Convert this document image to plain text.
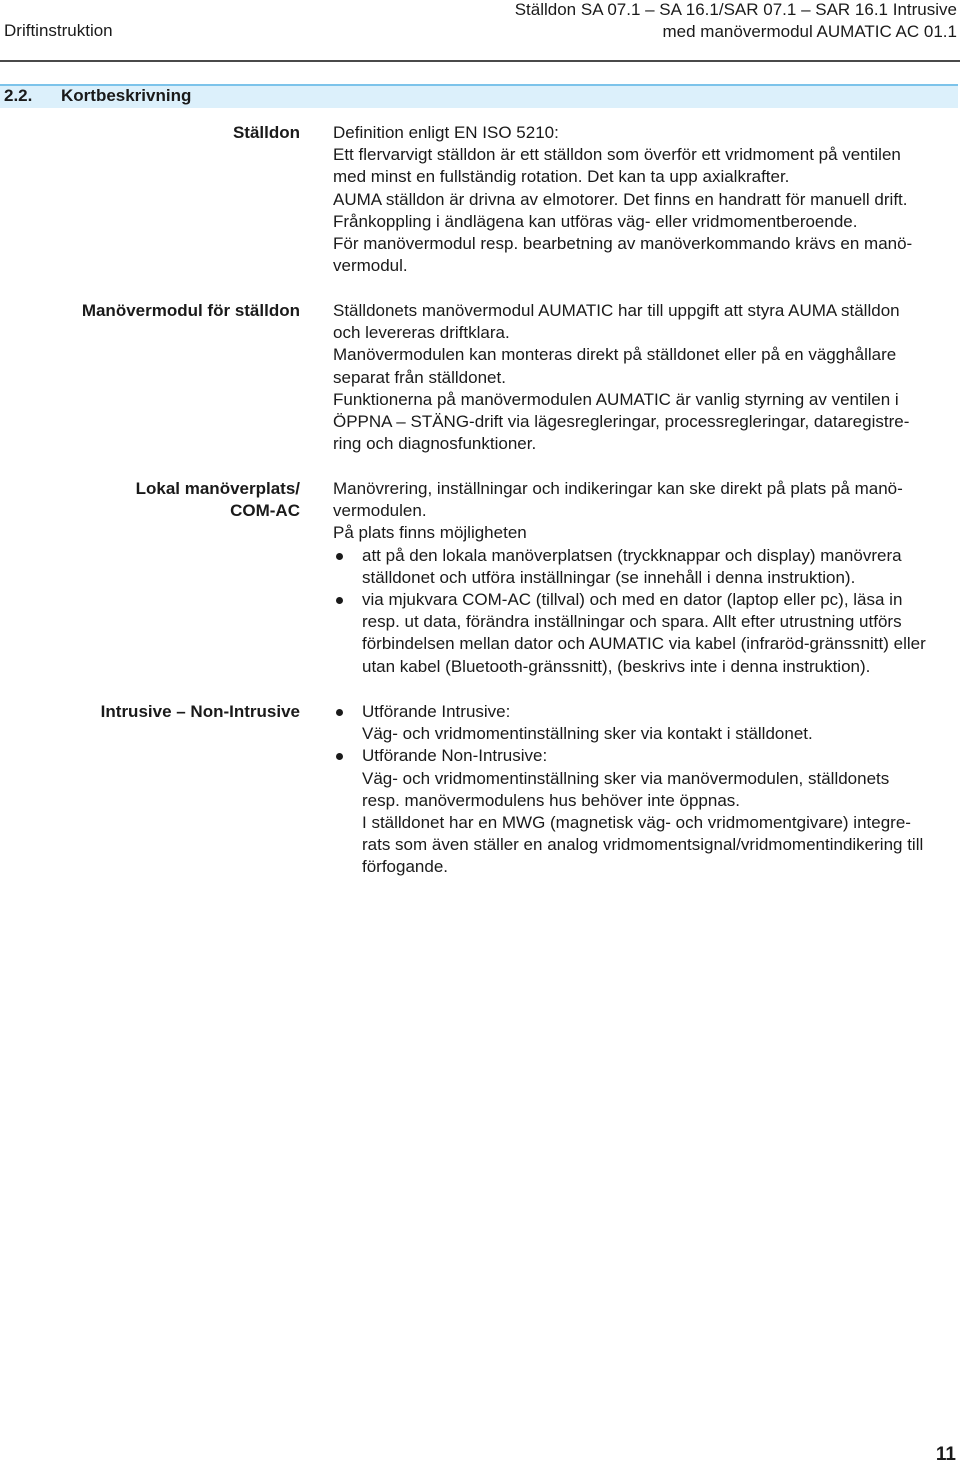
Driftinstruktion
Ställdon SA 07.1 – SA 16.1/SAR 07.1 – SAR 16.1 Intrusive
med manövermodul AUMATIC AC 01.1
2.2. Kortbeskrivning
Ställdon Definition enligt EN ISO 5210:
Ett flervarvigt ställdon är ett ställdon som överför ett vridmoment på ventilen
med minst en fullständig rotation. Det kan ta upp axialkrafter.
AUMA ställdon är drivna av elmotorer. Det finns en handratt för manuell drift.
Frånkoppling i ändlägena kan utföras väg- eller vridmomentberoende.
För manövermodul resp. bearbetning av manöverkommando krävs en manö-
vermodul.
Manövermodul för ställdon Ställdonets manövermodul AUMATIC har till uppgift att styra AUMA ställdon
och levereras driftklara.
Manövermodulen kan monteras direkt på ställdonet eller på en vägghållare
separat från ställdonet.
Funktionerna på manövermodulen AUMATIC är vanlig styrning av ventilen i
ÖPPNA – STÄNG-drift via lägesregleringar, processregleringar, dataregistre-
ring och diagnosfunktioner.
Lokal manöverplats/
COM-AC
Manövrering, inställningar och indikeringar kan ske direkt på plats på manö-
vermodulen.
På plats finns möjligheten
att på den lokala manöverplatsen (tryckknappar och display) manövrera
ställdonet och utföra inställningar (se innehåll i denna instruktion).
via mjukvara COM-AC (tillval) och med en dator (laptop eller pc), läsa in
resp. ut data, förändra inställningar och spara. Allt efter utrustning utförs
förbindelsen mellan dator och AUMATIC via kabel (infraröd-gränssnitt) eller
utan kabel (Bluetooth-gränssnitt), (beskrivs inte i denna instruktion).
Intrusive – Non-Intrusive	Utförande Intrusive:
Väg- och vridmomentinställning sker via kontakt i ställdonet.
Utförande Non-Intrusive:
Väg- och vridmomentinställning sker via manövermodulen, ställdonets
resp. manövermodulens hus behöver inte öppnas.
I ställdonet har en MWG (magnetisk väg- och vridmomentgivare) integre-
rats som även ställer en analog vridmomentsignal/vridmomentindikering till
förfogande.
11
